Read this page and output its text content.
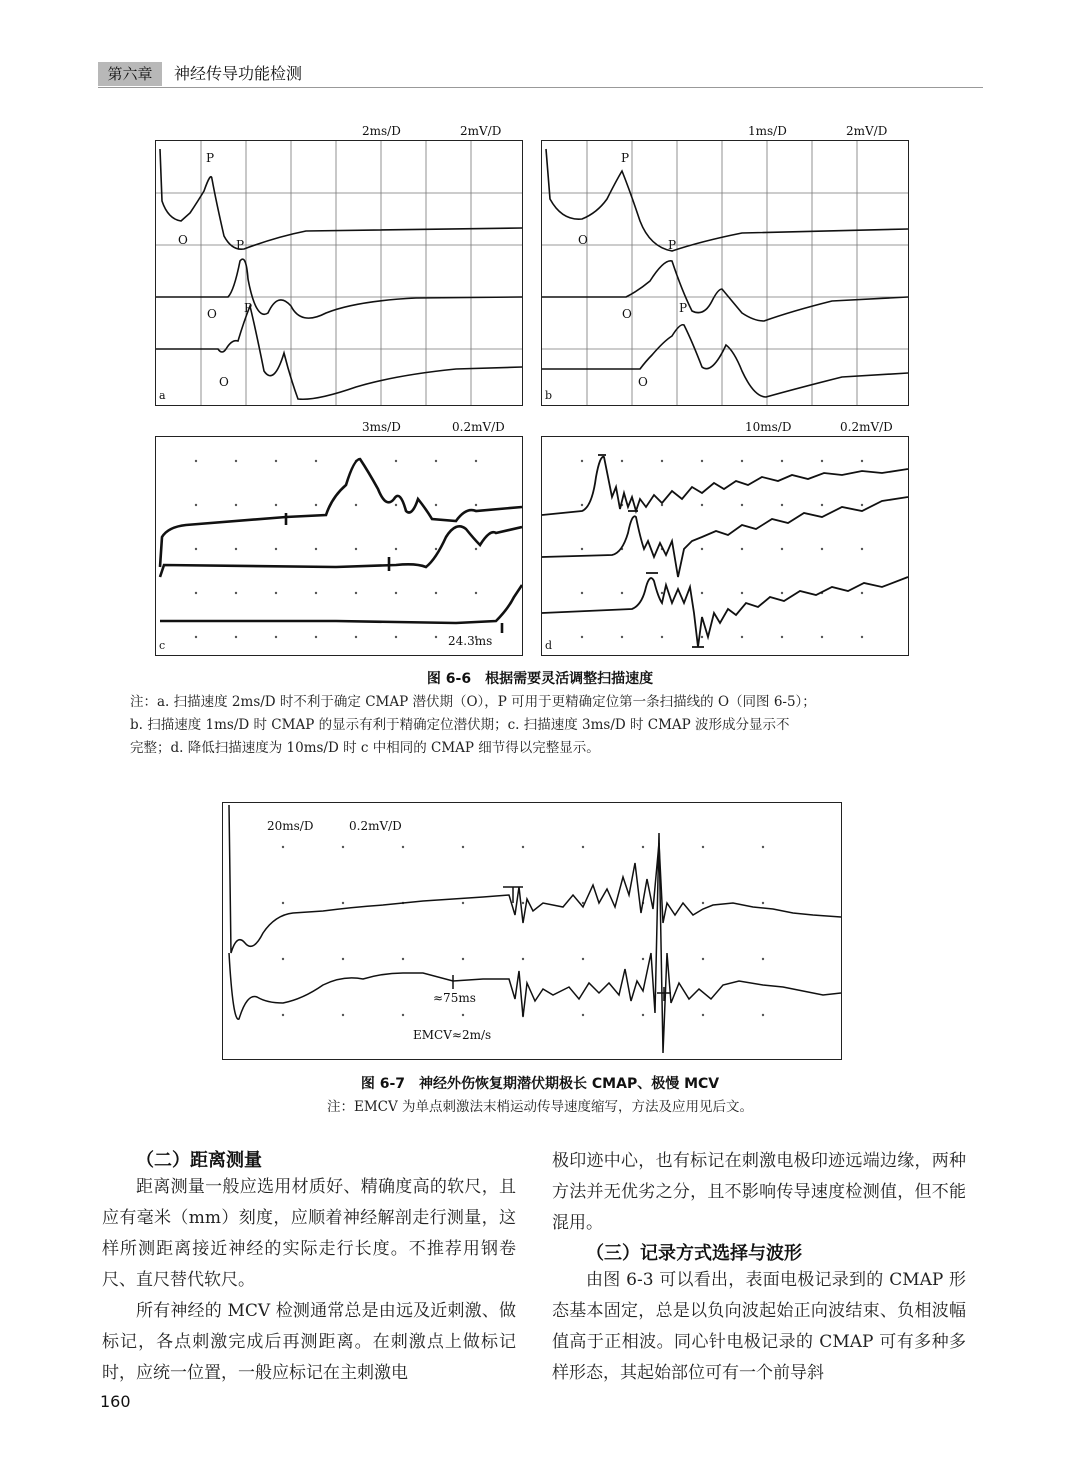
第六章	神经传导功能检测
2ms/D	2mV/D
P
O	P
O P
O
a
1ms/D	2mV/D
P
O	P
O	P
O
b
3ms/D	0.2mV/D
24.3ms
c
10ms/D	0.2mV/D
d
图 6-6　根据需要灵活调整扫描速度
注：a. 扫描速度 2ms/D 时不利于确定 CMAP 潜伏期（O），P 可用于更精确定位第一条扫描线的 O（同图 6-5）；
b. 扫描速度 1ms/D 时 CMAP 的显示有利于精确定位潜伏期；c. 扫描速度 3ms/D 时 CMAP 波形成分显示不
完整；d. 降低扫描速度为 10ms/D 时 c 中相同的 CMAP 细节得以完整显示。
20ms/D	0.2mV/D
≈75ms
EMCV≈2m/s
图 6-7　神经外伤恢复期潜伏期极长 CMAP、极慢 MCV
注：EMCV 为单点刺激法末梢运动传导速度缩写，方法及应用见后文。
（二）距离测量
距离测量一般应选用材质好、精确度高的软尺，且应有毫米（mm）刻度，应顺着神经解剖走行测量，这样所测距离接近神经的实际走行长度。不推荐用钢卷尺、直尺替代软尺。
所有神经的 MCV 检测通常总是由远及近刺激、做标记，各点刺激完成后再测距离。在刺激点上做标记时，应统一位置，一般应标记在主刺激电
极印迹中心，也有标记在刺激电极印迹远端边缘，两种方法并无优劣之分，且不影响传导速度检测值，但不能混用。
（三）记录方式选择与波形
由图 6-3 可以看出，表面电极记录到的 CMAP 形态基本固定，总是以负向波起始正向波结束、负相波幅值高于正相波。同心针电极记录的 CMAP 可有多种多样形态，其起始部位可有一个前导斜
160
